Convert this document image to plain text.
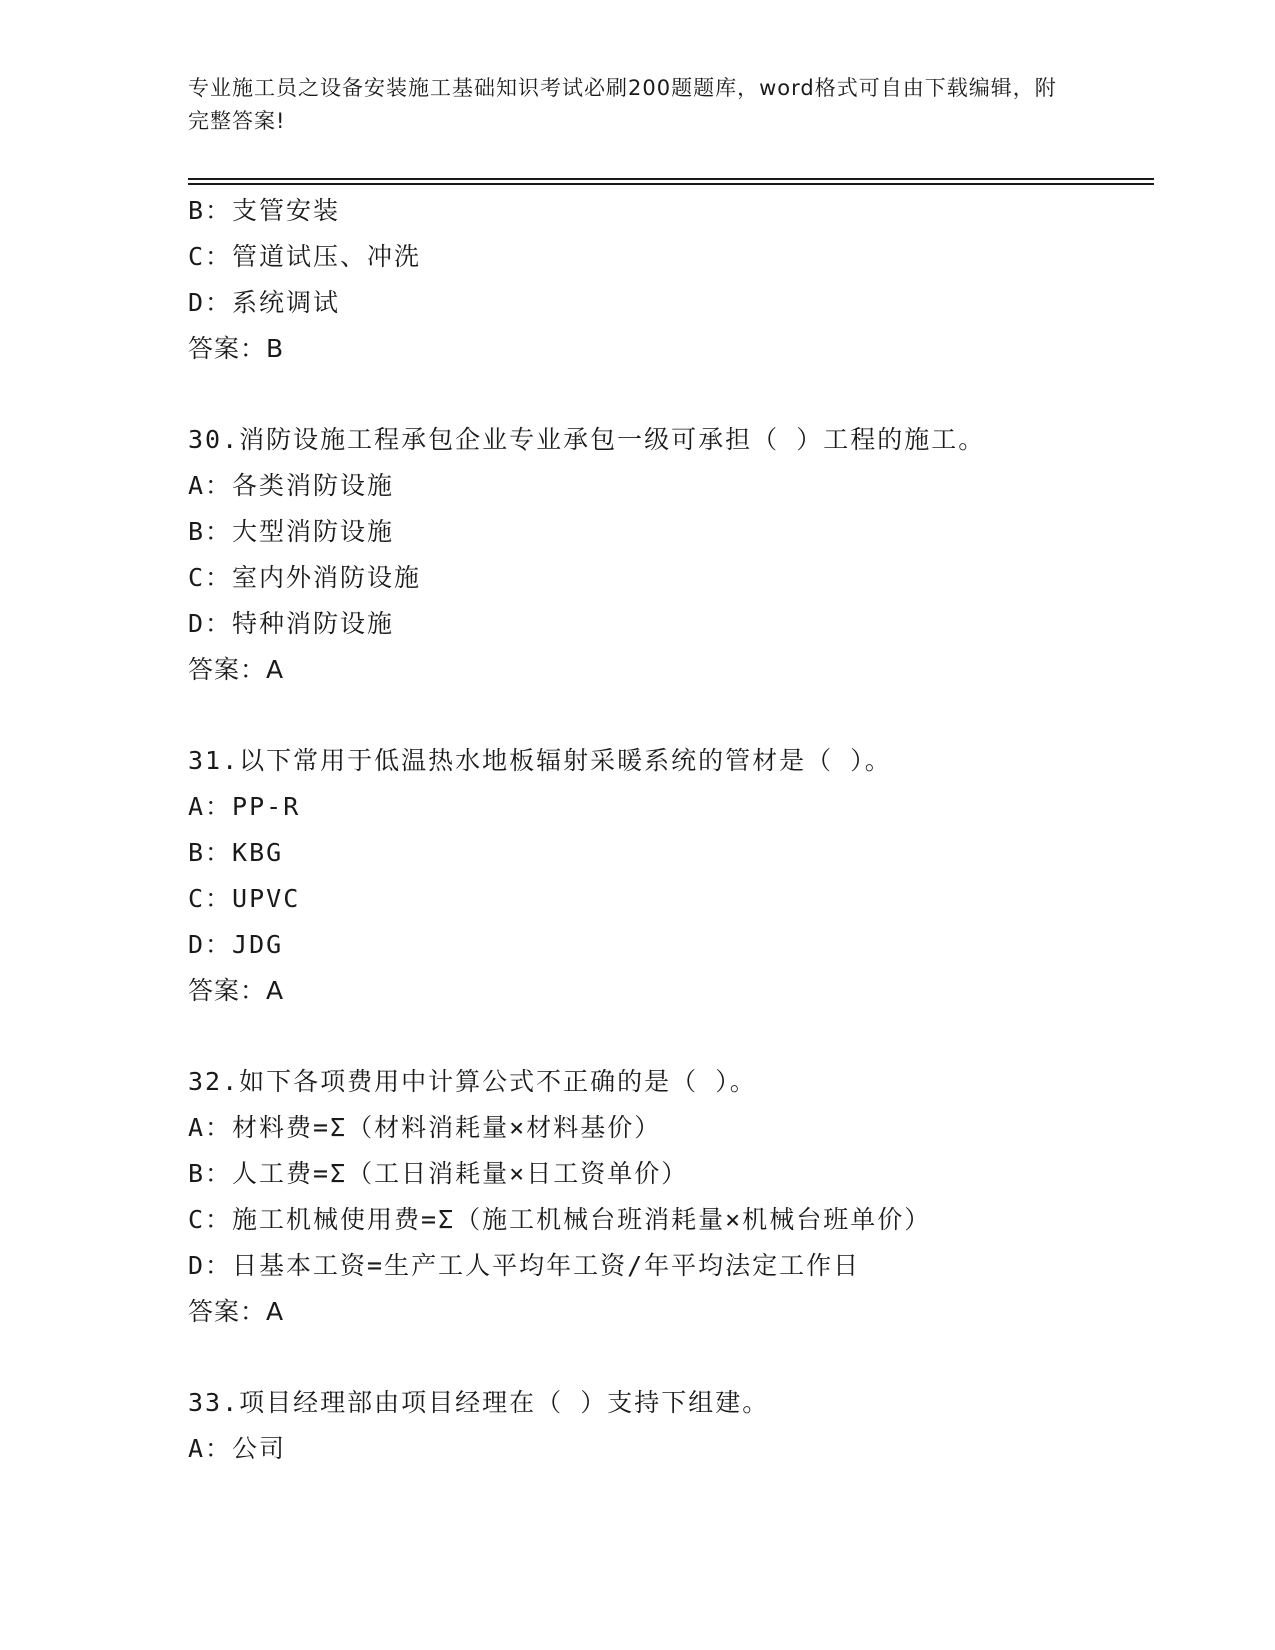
专业施工员之设备安装施工基础知识考试必刷200题题库，word格式可自由下载编辑，附完整答案!
B：支管安装
C：管道试压、冲洗
D：系统调试
答案：B
30.消防设施工程承包企业专业承包一级可承担（ ）工程的施工。
A：各类消防设施
B：大型消防设施
C：室内外消防设施
D：特种消防设施
答案：A
31.以下常用于低温热水地板辐射采暖系统的管材是（ ）。
A：PP-R
B：KBG
C：UPVC
D：JDG
答案：A
32.如下各项费用中计算公式不正确的是（ ）。
A：材料费=Σ（材料消耗量×材料基价）
B：人工费=Σ（工日消耗量×日工资单价）
C：施工机械使用费=Σ（施工机械台班消耗量×机械台班单价）
D：日基本工资=生产工人平均年工资/年平均法定工作日
答案：A
33.项目经理部由项目经理在（ ）支持下组建。
A：公司
